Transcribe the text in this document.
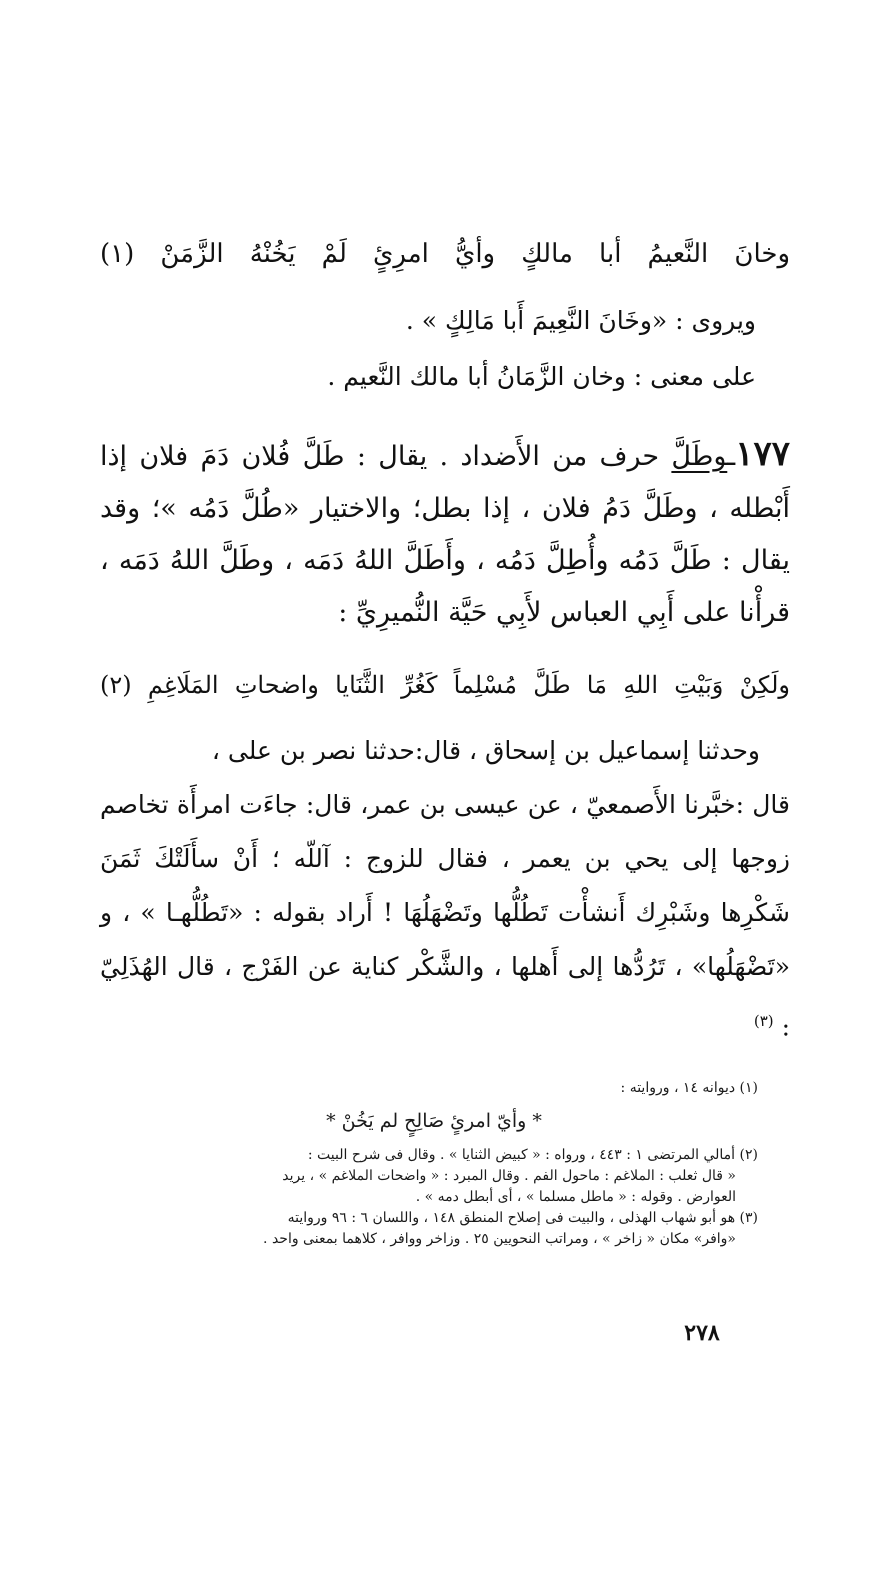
وخانَ النَّعيمُ أبا مالكٍ وأيُّ امرِئٍ لَمْ يَخُنْهُ الزَّمَنْ (١)
ويروى : «وخَانَ النَّعِيمَ أَبا مَالِكٍ » .
على معنى : وخان الزَّمَانُ أبا مالك النَّعيم .
١٧٧ـوطَلَّ حرف من الأَضداد . يقال : طَلَّ فُلان دَمَ فلان إذا أَبْطله ، وطَلَّ دَمُ فلان ، إذا بطل؛ والاختيار «طُلَّ دَمُه »؛ وقد يقال : طَلَّ دَمُه وأُطِلَّ دَمُه ، وأَطَلَّ اللهُ دَمَه ، وطَلَّ اللهُ دَمَه ، قرأْنا على أَبِي العباس لأَبِي حَيَّة النُّميرِيِّ :
ولَكِنْ وَبَيْتِ اللهِ مَا طَلَّ مُسْلِماً كَغُرِّ الثَّنَايا واضحاتِ المَلَاغِمِ (٢)

وحدثنا إسماعيل بن إسحاق ، قال:حدثنا نصر بن على ،

قال :خبَّرنا الأَصمعيّ ، عن عيسى بن عمر، قال: جاءَت امرأَة تخاصم زوجها إلى يحي بن يعمر ، فقال للزوج : آللّه ؛ أَنْ سأَلَتْكَ ثَمَنَ شَكْرِها وشَبْرِك أَنشأْت تَطُلُّها وتَضْهَلُهَا ! أَراد بقوله : «تَطُلُّهـا » ، و «تَضْهَلُها» ، تَرُدُّها إلى أَهلها ، والشَّكْر كناية عن الفَرْج ، قال الهُذَلِيّ : $^{(٣)}$

(١) ديوانه ١٤ ، وروايته :

* وأيّ امرئٍ صَالِحٍ لم يَخُنْ *

(٢) أمالي المرتضى ١ : ٤٤٣ ، ورواه : « كبيض الثنايا » . وقال فى شرح البيت :

« قال ثعلب : الملاغم : ماحول الفم . وقال المبرد : « واضحات الملاغم » ، يريد

العوارض . وقوله : « ماطل مسلما » ، أى أبطل دمه » .

(٣) هو أبو شهاب الهذلى ، والبيت فى إصلاح المنطق ١٤٨ ، واللسان ٦ : ٩٦ وروايته

«وافر» مكان « زاخر » ، ومراتب النحويين ٢٥ . وزاخر ووافر ، كلاهما بمعنى واحد .

٢٧٨
